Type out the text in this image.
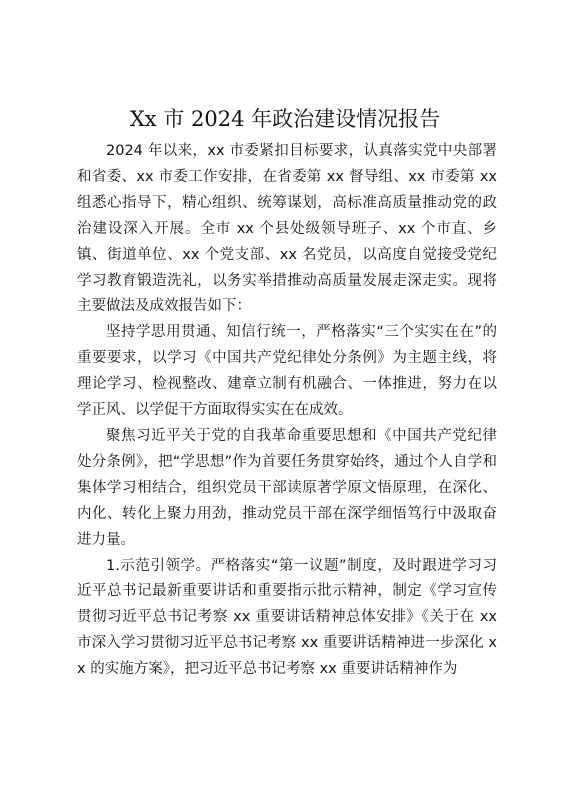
Xx 市 2024 年政治建设情况报告

2024 年以来，xx 市委紧扣目标要求，认真落实党中央部署和省委、xx 市委工作安排，在省委第 xx 督导组、xx 市委第 xx 组悉心指导下，精心组织、统筹谋划，高标准高质量推动党的政治建设深入开展。全市 xx 个县处级领导班子、xx 个市直、乡镇、街道单位、xx 个党支部、xx 名党员，以高度自觉接受党纪学习教育锻造洗礼，以务实举措推动高质量发展走深走实。现将主要做法及成效报告如下：

坚持学思用贯通、知信行统一，严格落实“三个实实在在”的重要要求，以学习《中国共产党纪律处分条例》为主题主线，将理论学习、检视整改、建章立制有机融合、一体推进，努力在以学正风、以学促干方面取得实实在在成效。

聚焦习近平关于党的自我革命重要思想和《中国共产党纪律处分条例》，把“学思想”作为首要任务贯穿始终，通过个人自学和集体学习相结合，组织党员干部读原著学原文悟原理，在深化、内化、转化上聚力用劲，推动党员干部在深学细悟笃行中汲取奋进力量。

1.示范引领学。严格落实“第一议题”制度，及时跟进学习习近平总书记最新重要讲话和重要指示批示精神，制定《学习宣传贯彻习近平总书记考察 xx 重要讲话精神总体安排》《关于在 xx 市深入学习贯彻习近平总书记考察 xx 重要讲话精神进一步深化 xx 的实施方案》，把习近平总书记考察 xx 重要讲话精神作为
